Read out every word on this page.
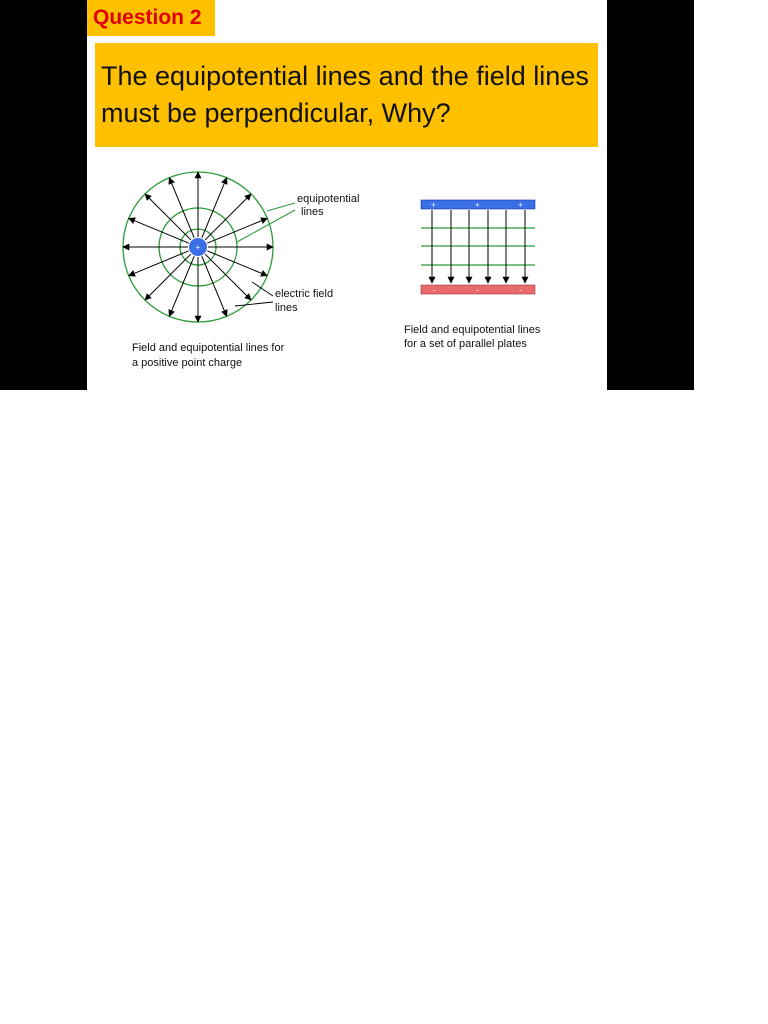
Question 2
The equipotential lines and the field lines must be perpendicular, Why?
+
equipotential
lines
electric field
lines
Field and equipotential lines for
a positive point charge
+	+	+
-	-	-
Field and equipotential lines
for a set of parallel plates
